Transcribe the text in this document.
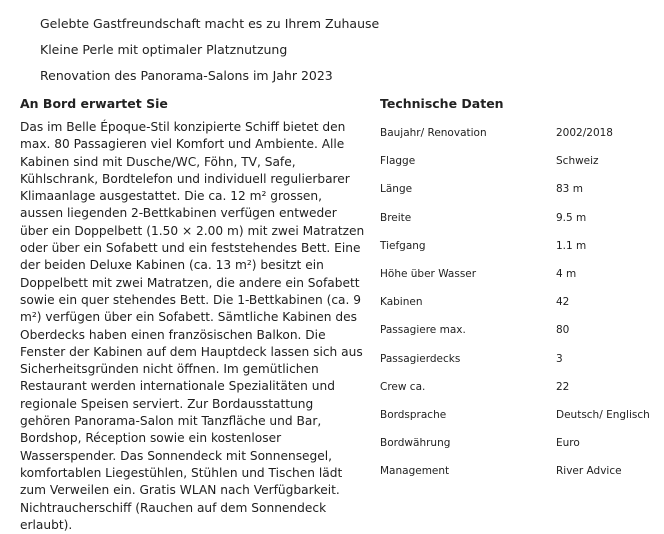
Gelebte Gastfreundschaft macht es zu Ihrem Zuhause
Kleine Perle mit optimaler Platznutzung
Renovation des Panorama-Salons im Jahr 2023
An Bord erwartet Sie

Das im Belle Époque-Stil konzipierte Schiff bietet den max. 80 Passagieren viel Komfort und Ambiente. Alle Kabinen sind mit Dusche/WC, Föhn, TV, Safe, Kühlschrank, Bordtelefon und individuell regulierbarer Klimaanlage ausgestattet. Die ca. 12 m² grossen, aussen liegenden 2-Bettkabinen verfügen entweder über ein Doppelbett (1.50 × 2.00 m) mit zwei Matratzen oder über ein Sofabett und ein feststehendes Bett. Eine der beiden Deluxe Kabinen (ca. 13 m²) besitzt ein Doppelbett mit zwei Matratzen, die andere ein Sofabett sowie ein quer stehendes Bett. Die 1-Bettkabinen (ca. 9 m²) verfügen über ein Sofabett. Sämtliche Kabinen des Oberdecks haben einen französischen Balkon. Die Fenster der Kabinen auf dem Hauptdeck lassen sich aus Sicherheitsgründen nicht öffnen. Im gemütlichen Restaurant werden internationale Spezialitäten und regionale Speisen serviert. Zur Bordausstattung gehören Panorama-Salon mit Tanzfläche und Bar, Bordshop, Réception sowie ein kostenloser Wasserspender. Das Sonnendeck mit Sonnensegel, komfortablen Liegestühlen, Stühlen und Tischen lädt zum Verweilen ein. Gratis WLAN nach Verfügbarkeit. Nichtraucherschiff (Rauchen auf dem Sonnendeck erlaubt).

Technische Daten
Baujahr/ Renovation	2002/2018
Flagge	Schweiz
Länge	83 m
Breite	9.5 m
Tiefgang	1.1 m
Höhe über Wasser	4 m
Kabinen	42
Passagiere max.	80
Passagierdecks	3
Crew ca.	22
Bordsprache	Deutsch/ Englisch
Bordwährung	Euro
Management	River Advice
